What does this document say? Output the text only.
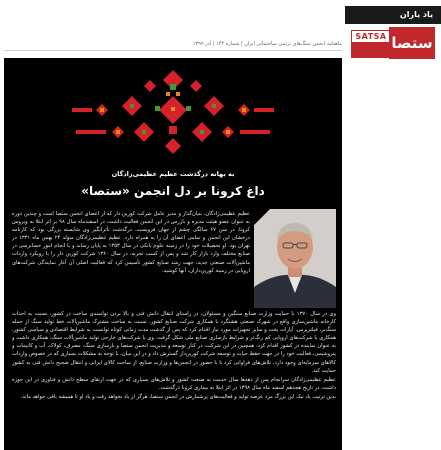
ماهنامه انجمن سنگ‌های تزئینی ساختمانی ایران | شماره ۱۴۴ | آذر ۱۳۹۹
یاد یاران
SATSA ستصا
به بهانه درگذشت عظیم عظیمی‌زادگان
داغ کرونا بر دل انجمن «ستصا»

عظیم عظیمی‌زادگان، بنیان‌گذار و مدیر عامل شرکت کورین دار که از اعضای انجمن ستصا است و چندین دوره به عنوان عضو هیئت مدیره و بازرس در این انجمن فعالیت داشت، در اسفندماه سال ۹۸ بر اثر ابتلا به ویروس کرونا، در سن ۶۷ سالگی چشم از جهان فروبست. درگذشت تأثرانگیز وی شایسته بزرگی بود که کارنامه درخشان این انجمن و تمامی اعضای آن را به همراه دارد. عظیم عظیمی‌زادگان متولد ۲۴ بهمن ماه ۱۳۳۱ در تهران بود. او تحصیلات خود را در زمینه علوم بانکی در سال ۱۳۵۳ به پایان رساند و با انجام امور حسابرسی در صنایع مختلف وارد بازار کار شد و پس از کسب تجربه، در سال ۱۳۶۰ شرکت کورین دار را با رویکرد واردات ماشین‌آلات صنعتی جدید، جهت رشد صنایع کشور تأسیس کرد که فعالیت اصلی آن آغاز نمایندگی شرکت‌های اروپایی در زمینه کورین‌داران، آنها کوشید.

وی در سال ۱۳۷۰ با حمایت وزارت صنایع سنگین و مسئولان، در راستای انتقال دانش فنی و بالا بردن توانمندی ساخت در کشور، نسبت به احداث کارخانه ماشین‌سازی واقع در شهرک صنعتی هشتگرد با همکاری شرکت صنایع کشور، نسبت به ساخت مشترک ماشین‌آلات خط تولید سنگ از جمله سنگ‌بر، فیلترپرس، آپارات پخت و سایر تجهیزات مورد نیاز اقدام کرد که پس از گذشت مدت زمانی کوتاه توانست به شرایط اقتصادی و سیاسی کشور، همکاری با شرکت‌های اروپایی کم رنگ‌تر و شرایط بازسازی صنایع ملی شکل گرفت. وی با شرکت‌های خارجی تولید ماشین‌آلات سنگ، همکاری داشت و به عنوان نماینده در کشور اقدام کرد. همچنین در این شرکت، در کنار توسعه و مدیریت انجمن ستصا و بازسازی سنگ، مصرف، کولاک، آب و کانیمات و پتروشیمی، فعالیت خود را در جهت حفظ حیات و توسعه شرکت کورین‌دار گسترش داد و در این میان، با توجه به مشکلات بسیاری که در خصوص واردات کالاهای سرمایه‌ای وجود دارد، تلاش‌های فراوانی کرد تا با حضور در انجمن‌ها و وزارت صنایع، از ساخت کالای ایرانی و انتقال صحیح دانش فنی به کشور حمایت کند.

عظیم عظیمی‌زادگان سرانجام پس از دهه‌ها سال خدمت به صنعت کشور و تلاش‌های بسیاری که در جهت ارتقای سطح دانش و فناوری در این حوزه داشت، در تاریخ هجدهم اسفند ماه سال ۱۳۹۸ در اثر ابتلا به بیماری کرونا درگذشت.

بدین ترتیب یاد نیک این بزرگ مرد عرصه تولید و فعالیت‌های پرشمارش در انجمن ستصا، هرگز از یاد نخواهد رفت و یاد او تا همیشه باقی خواهد ماند.
